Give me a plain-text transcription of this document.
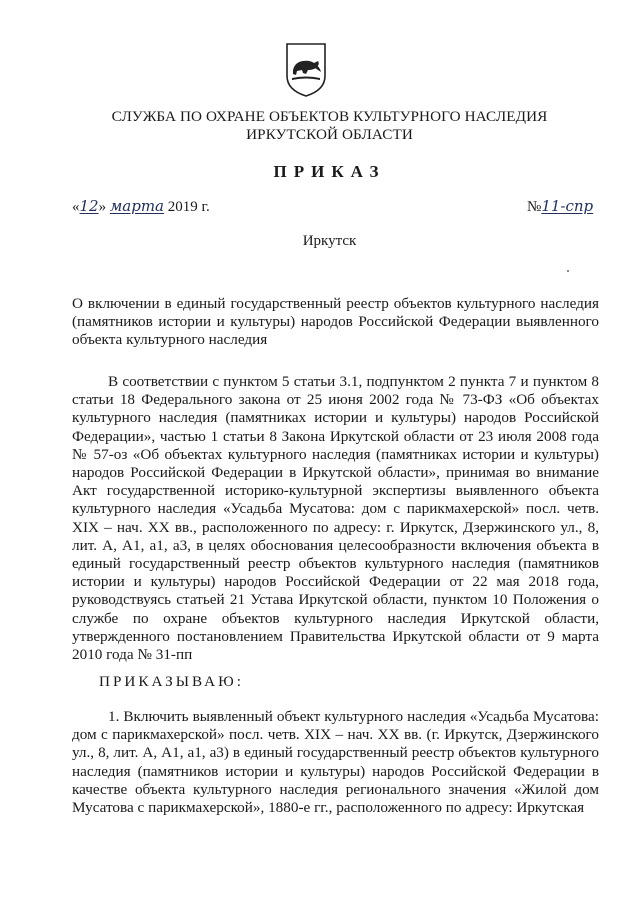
СЛУЖБА ПО ОХРАНЕ ОБЪЕКТОВ КУЛЬТУРНОГО НАСЛЕДИЯ
ИРКУТСКОЙ ОБЛАСТИ
ПРИКАЗ
«12» марта 2019 г.	№11-спр
Иркутск
О включении в единый государственный реестр объектов культурного наследия (памятников истории и культуры) народов Российской Федерации выявленного объекта культурного наследия
В соответствии с пунктом 5 статьи 3.1, подпунктом 2 пункта 7 и пунктом 8 статьи 18 Федерального закона от 25 июня 2002 года № 73-ФЗ «Об объектах культурного наследия (памятниках истории и культуры) народов Российской Федерации», частью 1 статьи 8 Закона Иркутской области от 23 июля 2008 года № 57-оз «Об объектах культурного наследия (памятниках истории и культуры) народов Российской Федерации в Иркутской области», принимая во внимание Акт государственной историко-культурной экспертизы выявленного объекта культурного наследия «Усадьба Мусатова: дом с парикмахерской» посл. четв. XIX – нач. XX вв., расположенного по адресу: г. Иркутск, Дзержинского ул., 8, лит. А, А1, а1, а3, в целях обоснования целесообразности включения объекта в единый государственный реестр объектов культурного наследия (памятников истории и культуры) народов Российской Федерации от 22 мая 2018 года, руководствуясь статьей 21 Устава Иркутской области, пунктом 10 Положения о службе по охране объектов культурного наследия Иркутской области, утвержденного постановлением Правительства Иркутской области от 9 марта 2010 года № 31-пп
ПРИКАЗЫВАЮ:
1. Включить выявленный объект культурного наследия «Усадьба Мусатова: дом с парикмахерской» посл. четв. XIX – нач. XX вв. (г. Иркутск, Дзержинского ул., 8, лит. А, А1, а1, а3) в единый государственный реестр объектов культурного наследия (памятников истории и культуры) народов Российской Федерации в качестве объекта культурного наследия регионального значения «Жилой дом Мусатова с парикмахерской», 1880-е гг., расположенного по адресу: Иркутская
